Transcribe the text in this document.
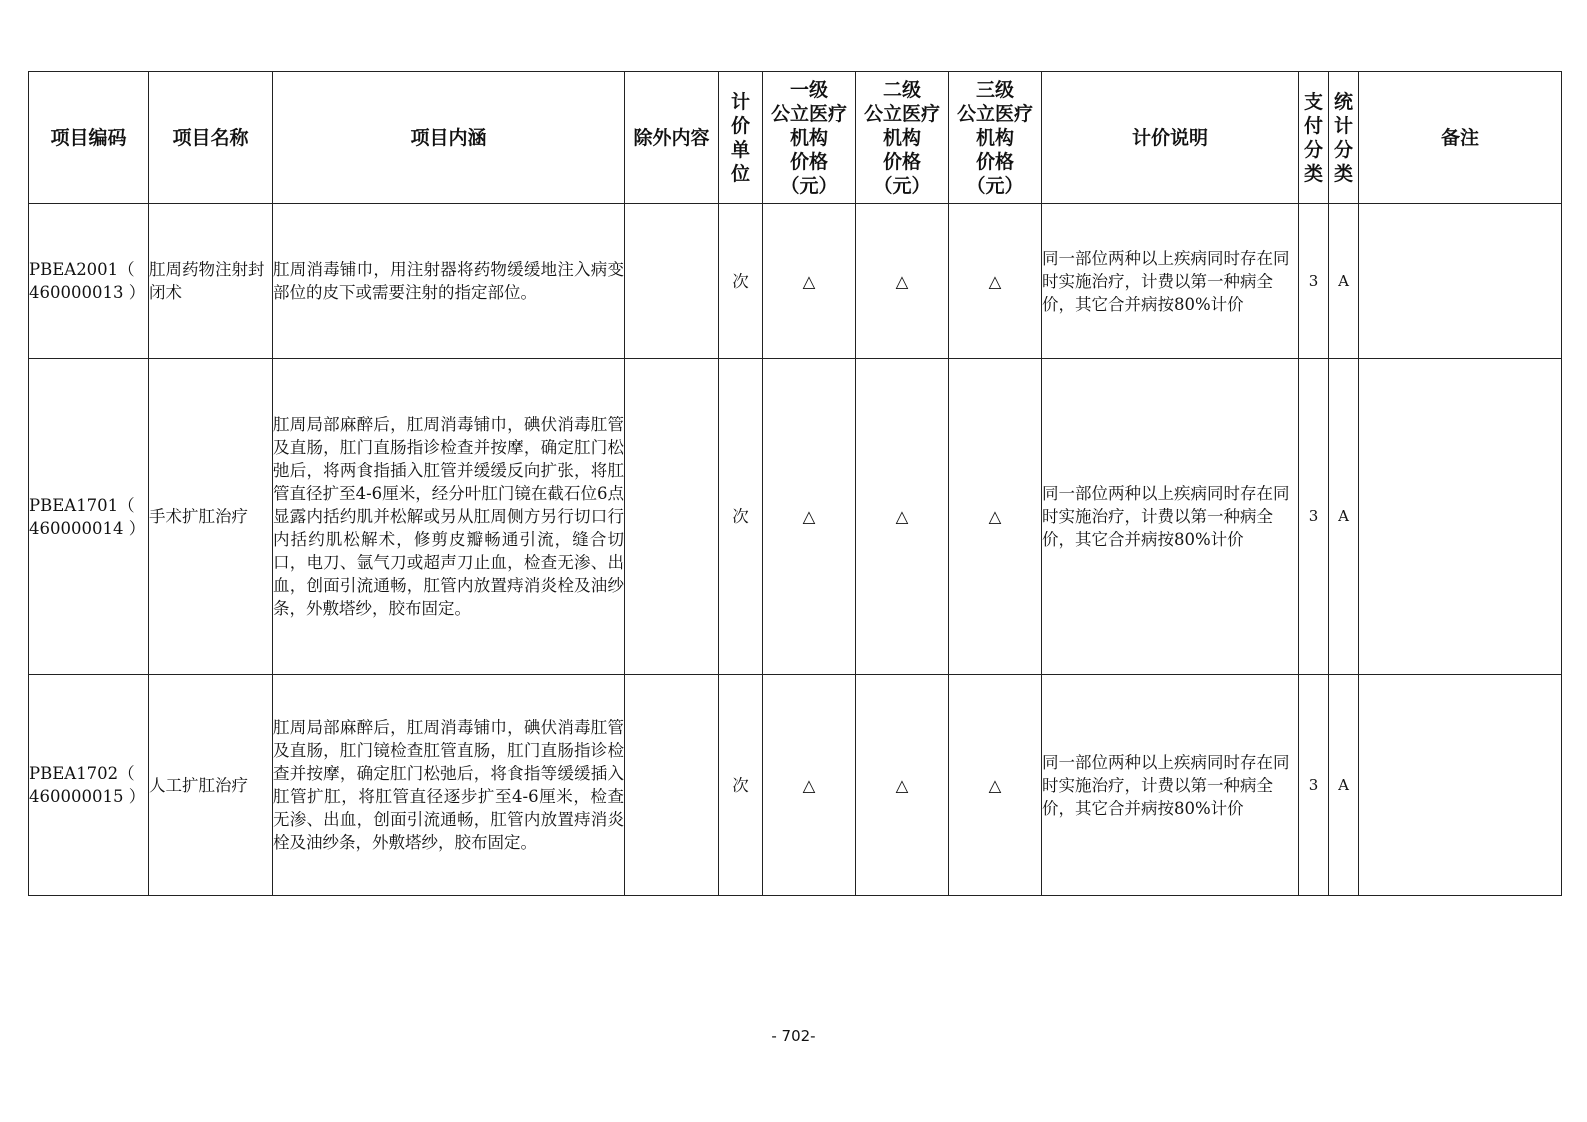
项目编码	项目名称	项目内涵	除外内容	计
价
单
位	一级
公立医疗
机构
价格
（元）	二级
公立医疗
机构
价格
（元）	三级
公立医疗
机构
价格
（元）	计价说明	支
付
分
类	统
计
分
类	备注
PBEA2001（ 460000013 ）	肛周药物注射封闭术	肛周消毒铺巾，用注射器将药物缓缓地注入病变部位的皮下或需要注射的指定部位。		次	△	△	△	同一部位两种以上疾病同时存在同时实施治疗，计费以第一种病全价，其它合并病按80%计价	3	A	
PBEA1701（ 460000014 ）	手术扩肛治疗	肛周局部麻醉后，肛周消毒铺巾，碘伏消毒肛管及直肠，肛门直肠指诊检查并按摩，确定肛门松弛后，将两食指插入肛管并缓缓反向扩张，将肛管直径扩至4-6厘米，经分叶肛门镜在截石位6点显露内括约肌并松解或另从肛周侧方另行切口行内括约肌松解术，修剪皮瓣畅通引流，缝合切口，电刀、氩气刀或超声刀止血，检查无渗、出血，创面引流通畅，肛管内放置痔消炎栓及油纱条，外敷塔纱，胶布固定。		次	△	△	△	同一部位两种以上疾病同时存在同时实施治疗，计费以第一种病全价，其它合并病按80%计价	3	A	
PBEA1702（ 460000015 ）	人工扩肛治疗	肛周局部麻醉后，肛周消毒铺巾，碘伏消毒肛管及直肠，肛门镜检查肛管直肠，肛门直肠指诊检查并按摩，确定肛门松弛后，将食指等缓缓插入肛管扩肛，将肛管直径逐步扩至4-6厘米，检查无渗、出血，创面引流通畅，肛管内放置痔消炎栓及油纱条，外敷塔纱，胶布固定。		次	△	△	△	同一部位两种以上疾病同时存在同时实施治疗，计费以第一种病全价，其它合并病按80%计价	3	A	
- 702-
